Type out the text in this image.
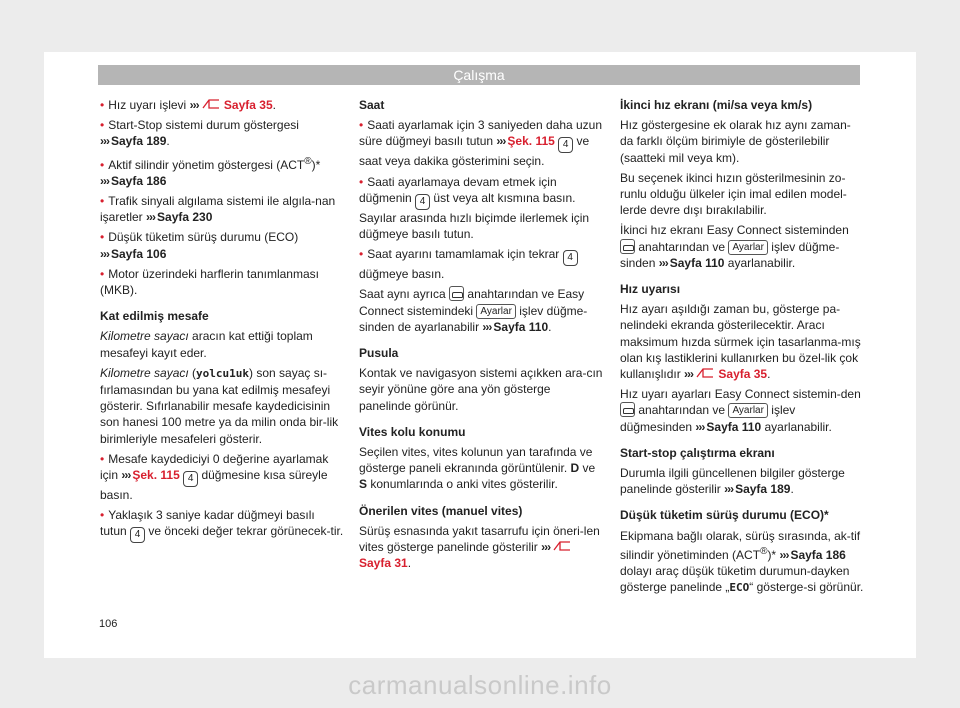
Çalışma

• Hız uyarı işlevi ››› Sayfa 35.

• Start-Stop sistemi durum göstergesi ››› Sayfa 189.

• Aktif silindir yönetim göstergesi (ACT®)* ››› Sayfa 186

• Trafik sinyali algılama sistemi ile algıla-nan işaretler ››› Sayfa 230

• Düşük tüketim sürüş durumu (ECO) ››› Sayfa 106

• Motor üzerindeki harflerin tanımlanması (MKB).

Kat edilmiş mesafe

Kilometre sayacı aracın kat ettiği toplam mesafeyi kayıt eder.

Kilometre sayacı (yolcu1uk) son sayaç sı-fırlamasından bu yana kat edilmiş mesafeyi gösterir. Sıfırlanabilir mesafe kaydedicisinin son hanesi 100 metre ya da milin onda bir-lik birimleriyle mesafeleri gösterir.

• Mesafe kaydediciyi 0 değerine ayarlamak için ››› Şek. 115 4 düğmesine kısa süreyle basın.

• Yaklaşık 3 saniye kadar düğmeyi basılı tutun 4 ve önceki değer tekrar görünecek-tir.

Saat

• Saati ayarlamak için 3 saniyeden daha uzun süre düğmeyi basılı tutun ››› Şek. 115 4 ve saat veya dakika gösterimini seçin.

• Saati ayarlamaya devam etmek için düğmenin 4 üst veya alt kısmına basın. Sayılar arasında hızlı biçimde ilerlemek için düğmeye basılı tutun.

• Saat ayarını tamamlamak için tekrar 4 düğmeye basın.

Saat aynı ayrıca anahtarından ve Easy Connect sistemindeki Ayarlar işlev düğme-sinden de ayarlanabilir ››› Sayfa 110.

Pusula

Kontak ve navigasyon sistemi açıkken ara-cın seyir yönüne göre ana yön gösterge panelinde görünür.

Vites kolu konumu

Seçilen vites, vites kolunun yan tarafında ve gösterge paneli ekranında görüntülenir. D ve S konumlarında o anki vites gösterilir.

Önerilen vites (manuel vites)

Sürüş esnasında yakıt tasarrufu için öneri-len vites gösterge panelinde gösterilir ››› Sayfa 31.

İkinci hız ekranı (mi/sa veya km/s)

Hız göstergesine ek olarak hız aynı zaman-da farklı ölçüm birimiyle de gösterilebilir (saatteki mil veya km).

Bu seçenek ikinci hızın gösterilmesinin zo-runlu olduğu ülkeler için imal edilen model-lerde devre dışı bırakılabilir.

İkinci hız ekranı Easy Connect sisteminden  anahtarından ve Ayarlar işlev düğme-sinden ››› Sayfa 110 ayarlanabilir.

Hız uyarısı

Hız ayarı aşıldığı zaman bu, gösterge pa-nelindeki ekranda gösterilecektir. Aracı maksimum hızda sürmek için tasarlanma-mış olan kış lastiklerini kullanırken bu özel-lik çok kullanışlıdır ››› Sayfa 35.

Hız uyarı ayarları Easy Connect sistemin-den  anahtarından ve Ayarlar işlev düğmesinden ››› Sayfa 110 ayarlanabilir.

Start-stop çalıştırma ekranı

Durumla ilgili güncellenen bilgiler gösterge panelinde gösterilir ››› Sayfa 189.

Düşük tüketim sürüş durumu (ECO)*

Ekipmana bağlı olarak, sürüş sırasında, ak-tif silindir yönetiminden (ACT®)* ››› Sayfa 186 dolayı araç düşük tüketim durumun-dayken gösterge panelinde „ECO“ gösterge-si görünür.

106
carmanualsonline.info
